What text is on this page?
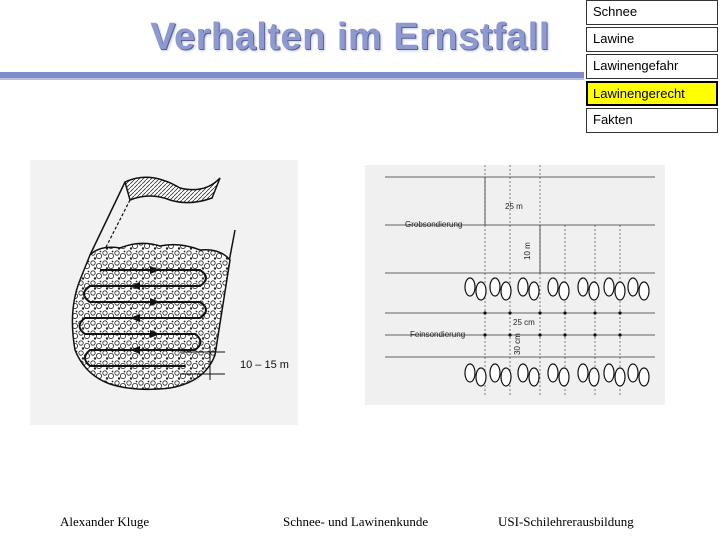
Verhalten im Ernstfall
Schnee
Lawine
Lawinengefahr
Lawinengerecht
Fakten
10 – 15 m
Grobsondierung
Feinsondierung
25 m
10 m
25 cm
30 cm
Alexander Kluge	Schnee- und Lawinenkunde	USI-Schilehrerausbildung
